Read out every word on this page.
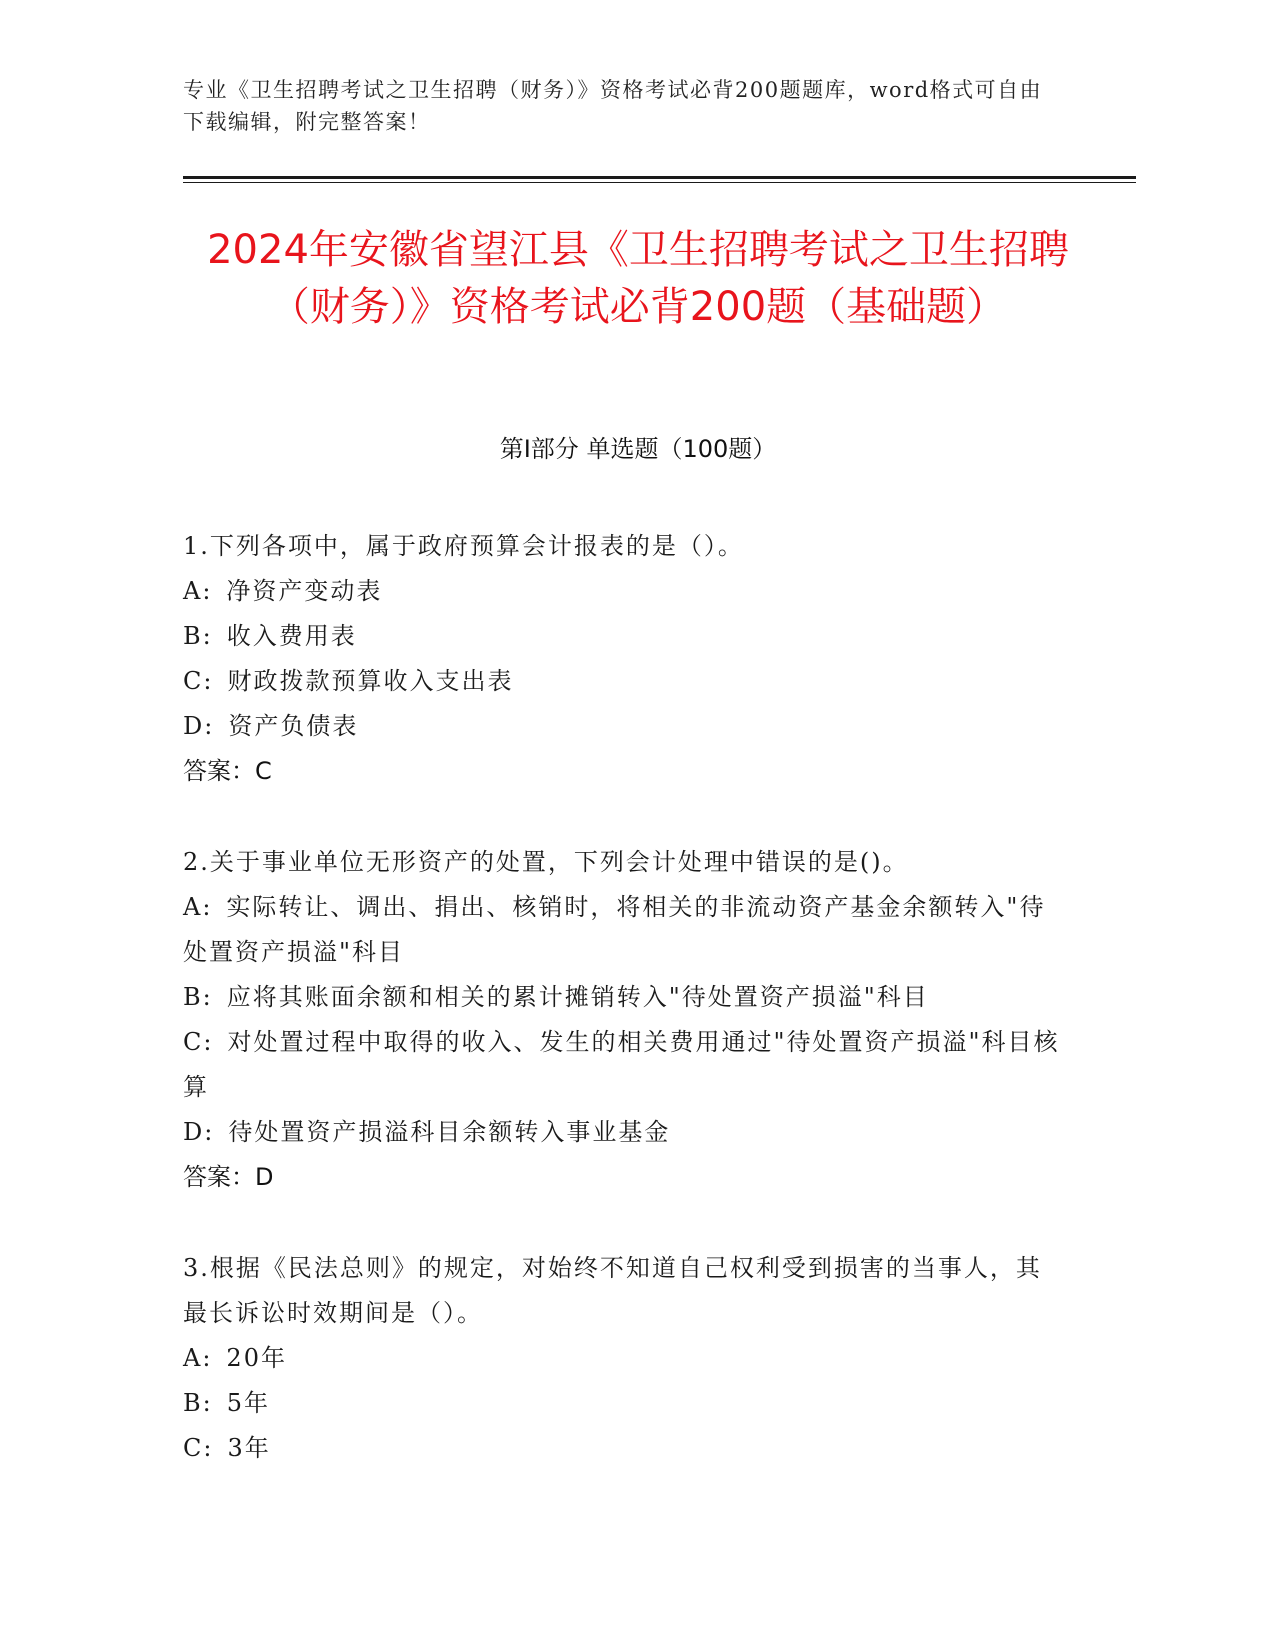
专业《卫生招聘考试之卫生招聘（财务）》资格考试必背200题题库，word格式可自由下载编辑，附完整答案！
2024年安徽省望江县《卫生招聘考试之卫生招聘（财务）》资格考试必背200题（基础题）
第Ⅰ部分 单选题（100题）
1.下列各项中，属于政府预算会计报表的是（）。
A: 净资产变动表
B: 收入费用表
C: 财政拨款预算收入支出表
D: 资产负债表
答案：C
2.关于事业单位无形资产的处置，下列会计处理中错误的是()。
A: 实际转让、调出、捐出、核销时，将相关的非流动资产基金余额转入"待处置资产损溢"科目
B: 应将其账面余额和相关的累计摊销转入"待处置资产损溢"科目
C: 对处置过程中取得的收入、发生的相关费用通过"待处置资产损溢"科目核算
D: 待处置资产损溢科目余额转入事业基金
答案：D
3.根据《民法总则》的规定，对始终不知道自己权利受到损害的当事人，其最长诉讼时效期间是（）。
A: 20年
B: 5年
C: 3年
